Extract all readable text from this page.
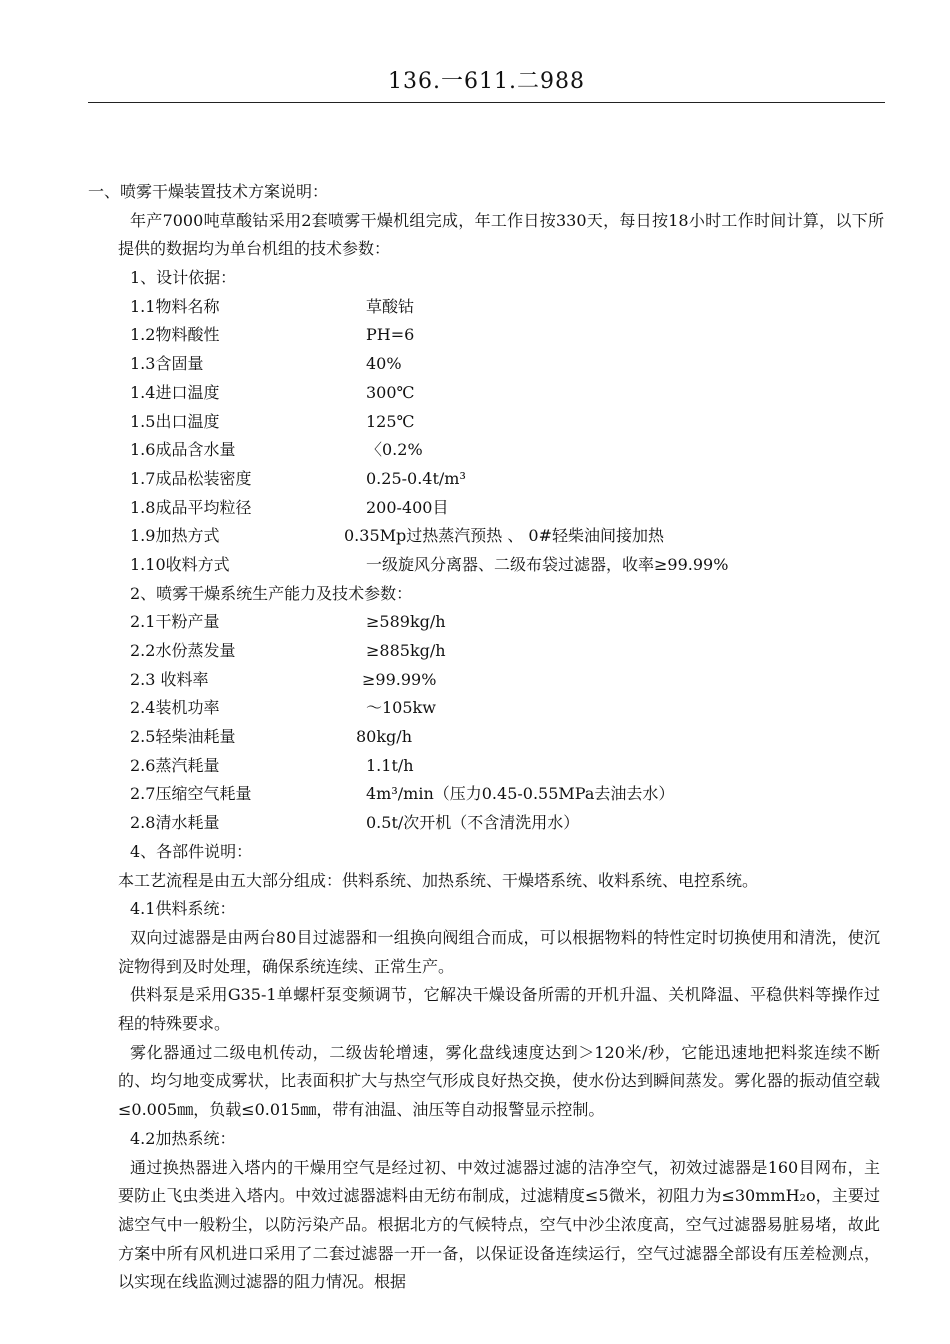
136.一611.二988
一、喷雾干燥装置技术方案说明：

年产7000吨草酸钴采用2套喷雾干燥机组完成，年工作日按330天，每日按18小时工作时间计算，以下所提供的数据均为单台机组的技术参数：

1、设计依据：
1.1物料名称	草酸钴
1.2物料酸性	PH=6
1.3含固量	40%
1.4进口温度	300℃
1.5出口温度	125℃
1.6成品含水量	〈0.2%
1.7成品松装密度	0.25-0.4t/m³
1.8成品平均粒径	200-400目
1.9加热方式	0.35Mp过热蒸汽预热 、 0#轻柴油间接加热
1.10收料方式	一级旋风分离器、二级布袋过滤器，收率≥99.99%
2、喷雾干燥系统生产能力及技术参数：
2.1干粉产量	≥589kg/h
2.2水份蒸发量	≥885kg/h
2.3 收料率	≥99.99%
2.4装机功率	～105kw
2.5轻柴油耗量	80kg/h
2.6蒸汽耗量	1.1t/h
2.7压缩空气耗量	4m³/min（压力0.45-0.55MPa去油去水）
2.8清水耗量	0.5t/次开机（不含清洗用水）
4、各部件说明：
本工艺流程是由五大部分组成：供料系统、加热系统、干燥塔系统、收料系统、电控系统。
4.1供料系统：

双向过滤器是由两台80目过滤器和一组换向阀组合而成，可以根据物料的特性定时切换使用和清洗，使沉淀物得到及时处理，确保系统连续、正常生产。

供料泵是采用G35-1单螺杆泵变频调节，它解决干燥设备所需的开机升温、关机降温、平稳供料等操作过程的特殊要求。

雾化器通过二级电机传动，二级齿轮增速，雾化盘线速度达到＞120米/秒，它能迅速地把料浆连续不断的、均匀地变成雾状，比表面积扩大与热空气形成良好热交换，使水份达到瞬间蒸发。雾化器的振动值空载≤0.005㎜，负载≤0.015㎜，带有油温、油压等自动报警显示控制。

4.2加热系统：

通过换热器进入塔内的干燥用空气是经过初、中效过滤器过滤的洁净空气，初效过滤器是160目网布，主要防止飞虫类进入塔内。中效过滤器滤料由无纺布制成，过滤精度≤5微米，初阻力为≤30mmH₂o，主要过滤空气中一般粉尘，以防污染产品。根据北方的气候特点，空气中沙尘浓度高，空气过滤器易脏易堵，故此方案中所有风机进口采用了二套过滤器一开一备，以保证设备连续运行，空气过滤器全部设有压差检测点，以实现在线监测过滤器的阻力情况。根据
